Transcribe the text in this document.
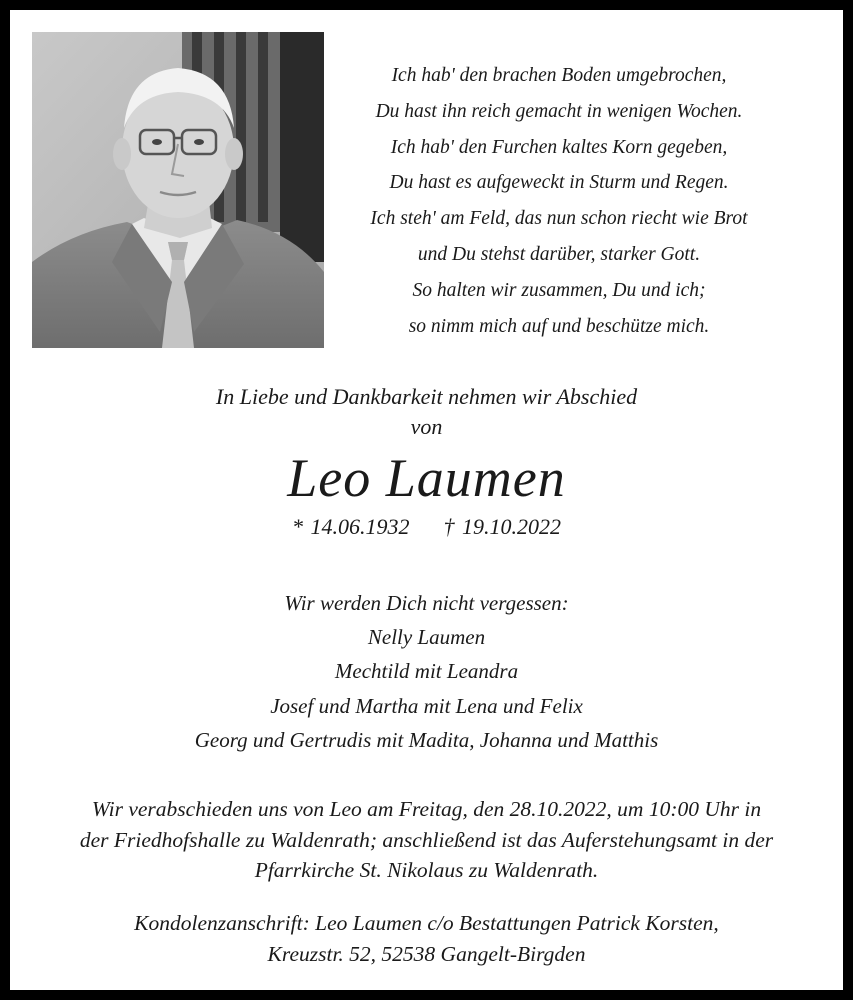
Ich hab' den brachen Boden umgebrochen,
Du hast ihn reich gemacht in wenigen Wochen.
Ich hab' den Furchen kaltes Korn gegeben,
Du hast es aufgeweckt in Sturm und Regen.
Ich steh' am Feld, das nun schon riecht wie Brot
und Du stehst darüber, starker Gott.
So halten wir zusammen, Du und ich;
so nimm mich auf und beschütze mich.
In Liebe und Dankbarkeit nehmen wir Abschied
von
Leo Laumen
* 14.06.1932 † 19.10.2022
Wir werden Dich nicht vergessen:
Nelly Laumen
Mechtild mit Leandra
Josef und Martha mit Lena und Felix
Georg und Gertrudis mit Madita, Johanna und Matthis
Wir verabschieden uns von Leo am Freitag, den 28.10.2022, um 10:00 Uhr in
der Friedhofshalle zu Waldenrath; anschließend ist das Auferstehungsamt in der
Pfarrkirche St. Nikolaus zu Waldenrath.
Kondolenzanschrift: Leo Laumen c/o Bestattungen Patrick Korsten,
Kreuzstr. 52, 52538 Gangelt-Birgden
